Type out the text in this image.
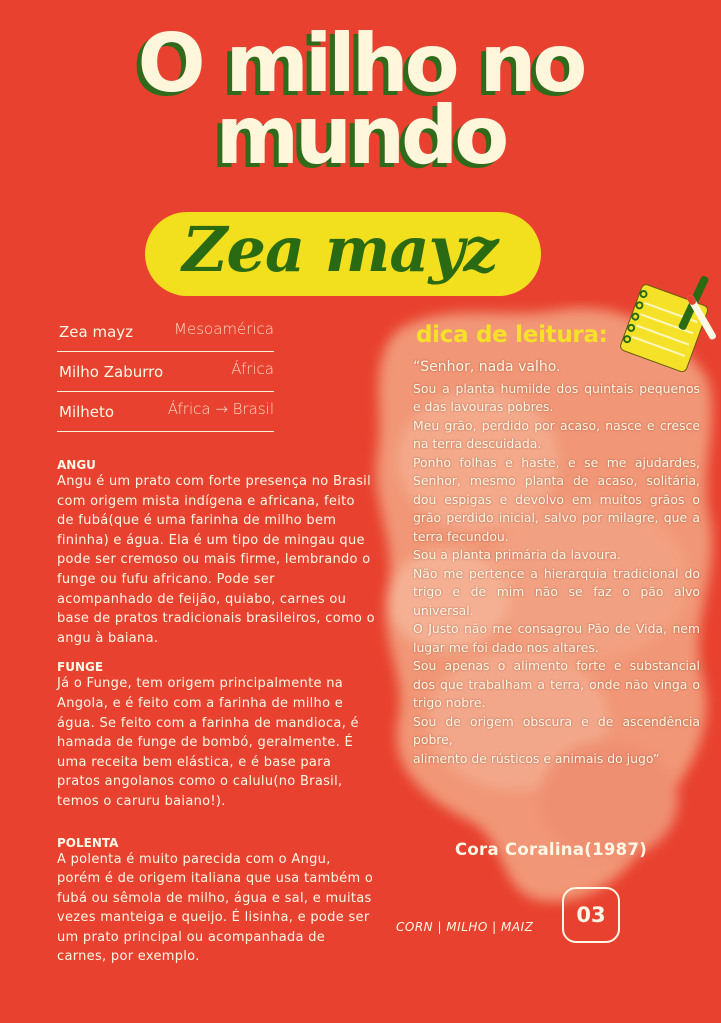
O milho no
mundo
Zea mayz
Zea mayz	Mesoamérica
Milho Zaburro	África
Milheto	África → Brasil

ANGU

Angu é um prato com forte presença no Brasil com origem mista indígena e africana, feito de fubá(que é uma farinha de milho bem fininha) e água. Ela é um tipo de mingau que pode ser cremoso ou mais firme, lembrando o funge ou fufu africano. Pode ser acompanhado de feijão, quiabo, carnes ou base de pratos tradicionais brasileiros, como o angu à baiana.

FUNGE

Já o Funge, tem origem principalmente na Angola, e é feito com a farinha de milho e água. Se feito com a farinha de mandioca, é hamada de funge de bombó, geralmente. É uma receita bem elástica, e é base para pratos angolanos como o calulu(no Brasil, temos o caruru baiano!).

POLENTA

A polenta é muito parecida com o Angu, porém é de origem italiana que usa também o fubá ou sêmola de milho, água e sal, e muitas vezes manteiga e queijo. É lisinha, e pode ser um prato principal ou acompanhada de carnes, por exemplo.

dica de leitura:

“Senhor, nada valho.

Sou a planta humilde dos quintais pequenos e das lavouras pobres.

Meu grão, perdido por acaso, nasce e cresce na terra descuidada.

Ponho folhas e haste, e se me ajudardes, Senhor, mesmo planta de acaso, solitária, dou espigas e devolvo em muitos grãos o grão perdido inicial, salvo por milagre, que a terra fecundou.

Sou a planta primária da lavoura.

Não me pertence a hierarquia tradicional do trigo e de mim não se faz o pão alvo universal.

O Justo não me consagrou Pão de Vida, nem lugar me foi dado nos altares.

Sou apenas o alimento forte e substancial dos que trabalham a terra, onde não vinga o trigo nobre.

Sou de origem obscura e de ascendência pobre,

alimento de rústicos e animais do jugo”

Cora Coralina(1987)
CORN | MILHO | MAIZ	03
